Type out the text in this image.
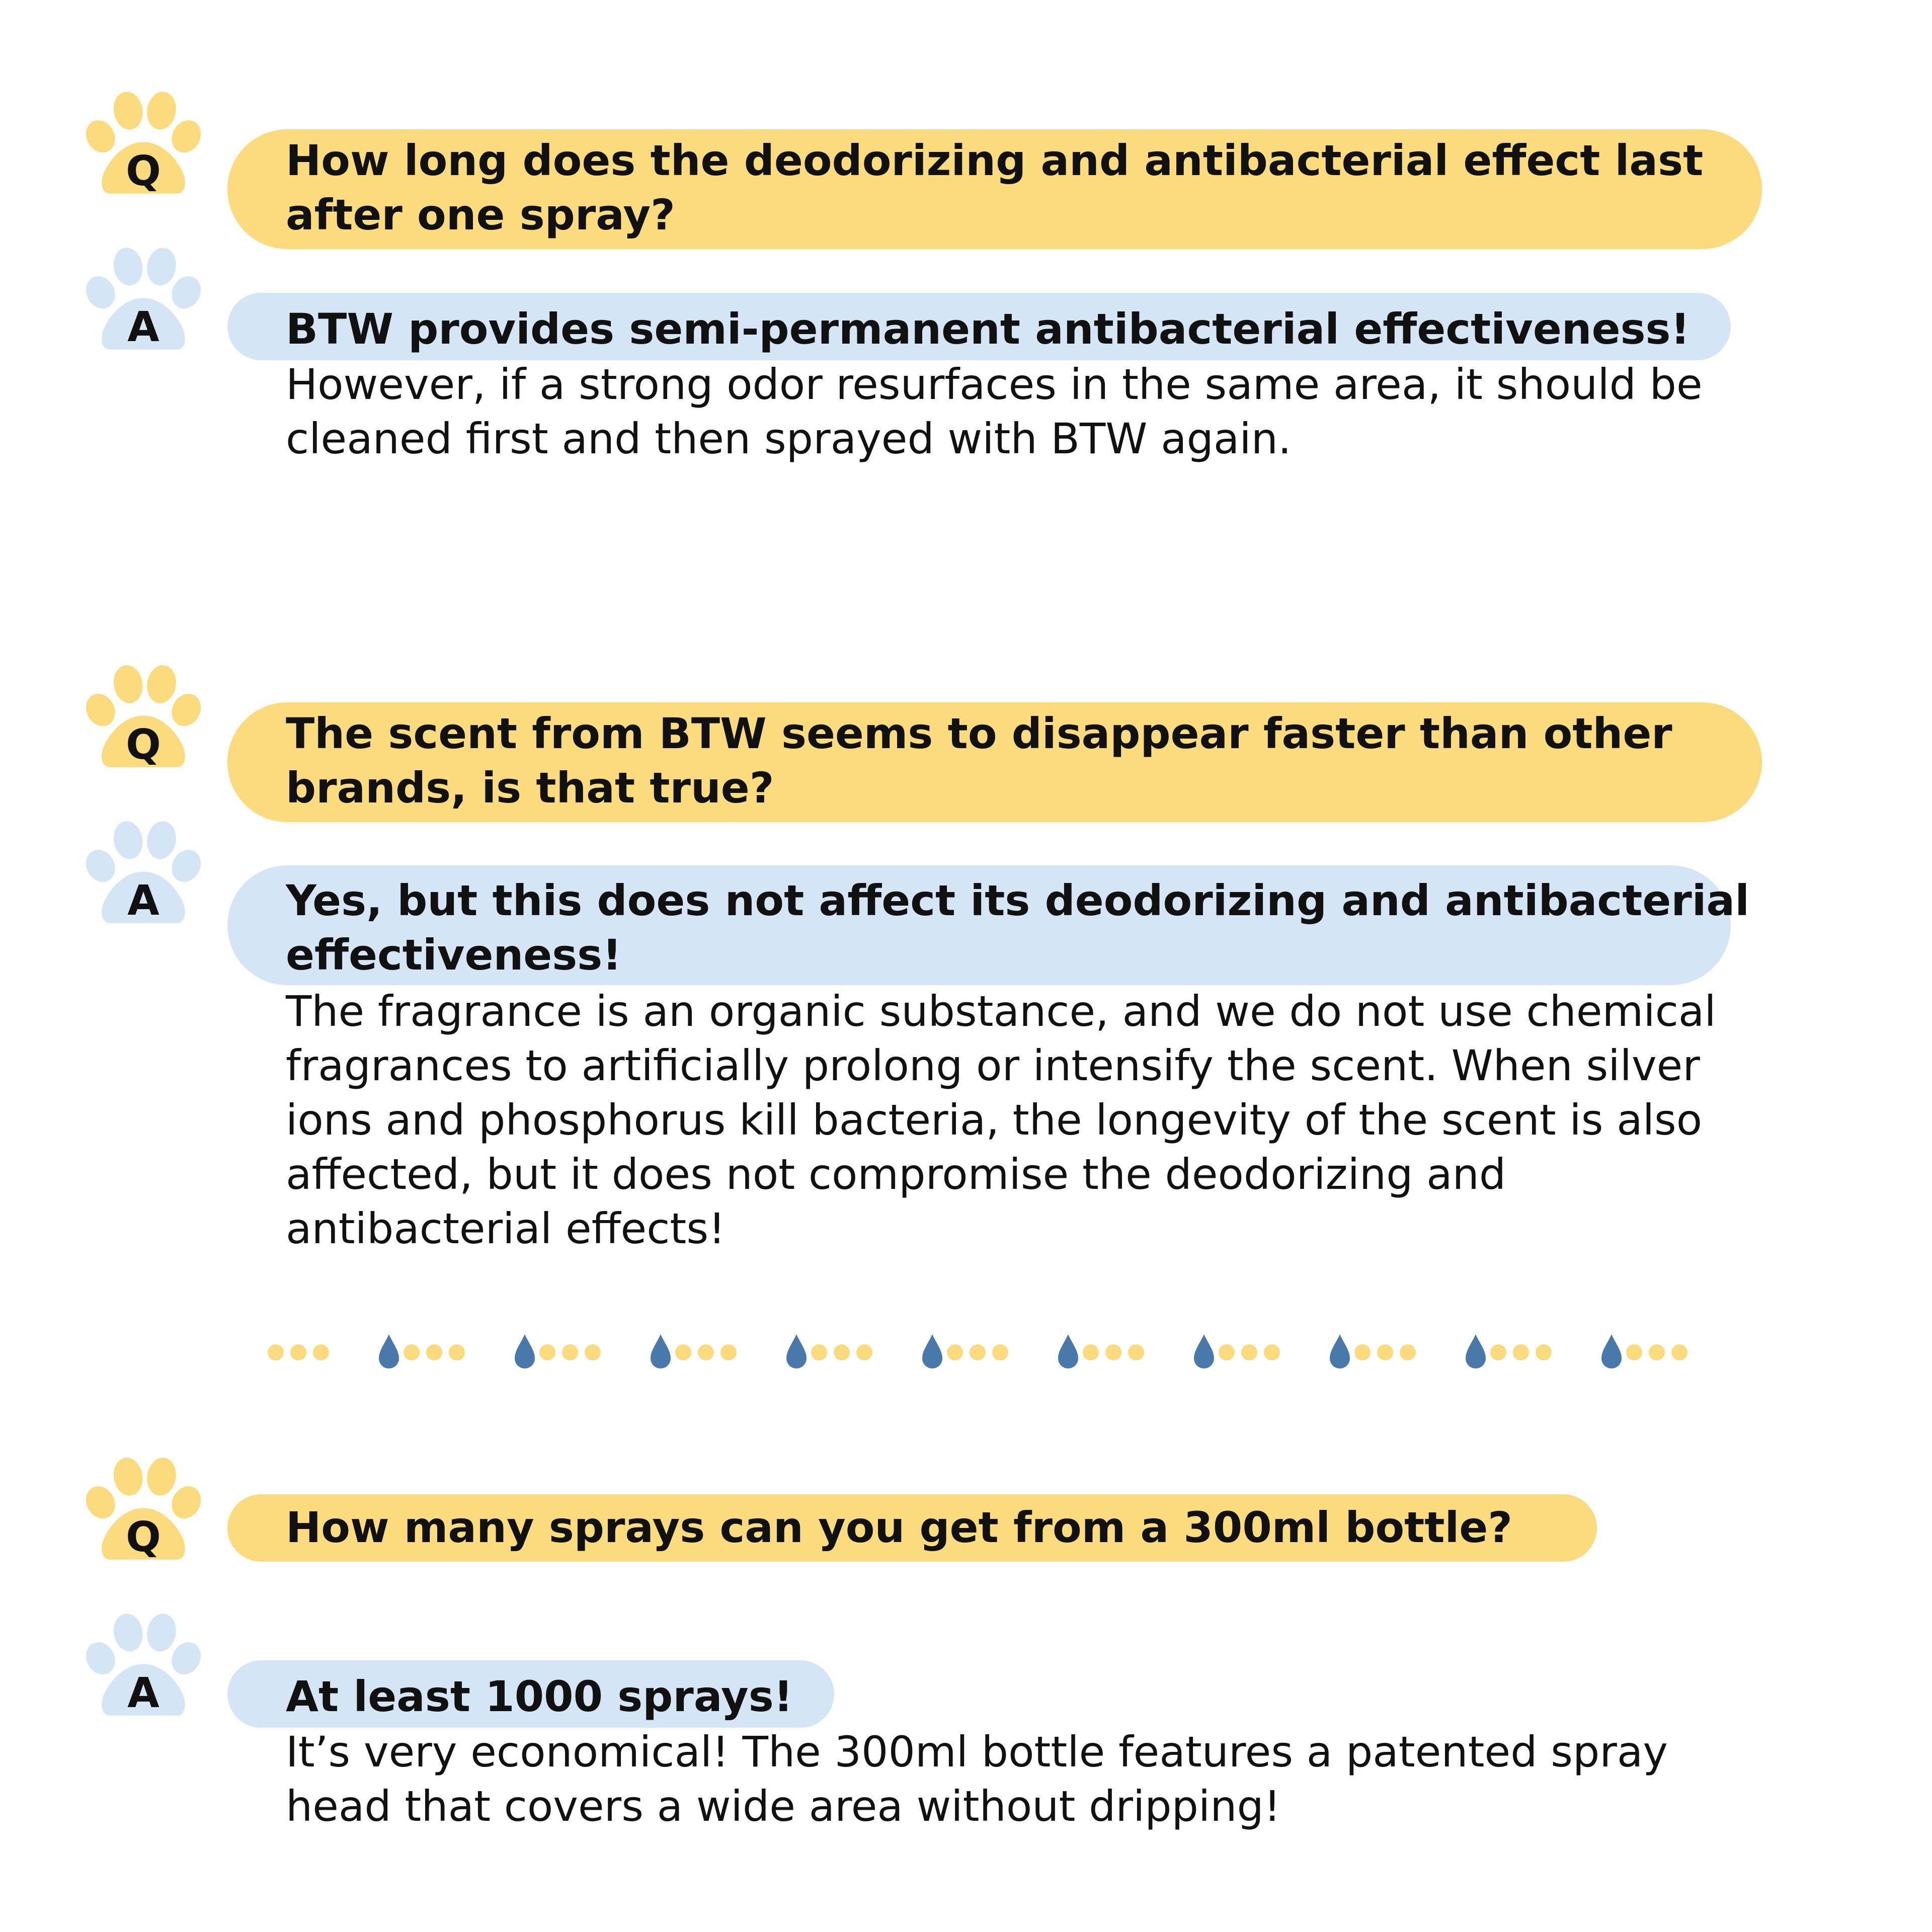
Q	How long does the deodorizing and antibacterial effect last
after one spray?
A	BTW provides semi-permanent antibacterial effectiveness!
However, if a strong odor resurfaces in the same area, it should be
cleaned first and then sprayed with BTW again.
Q	The scent from BTW seems to disappear faster than other
brands, is that true?
A	Yes, but this does not affect its deodorizing and antibacterial
effectiveness!
The fragrance is an organic substance, and we do not use chemical
fragrances to artificially prolong or intensify the scent. When silver
ions and phosphorus kill bacteria, the longevity of the scent is also
affected, but it does not compromise the deodorizing and
antibacterial effects!
Q	How many sprays can you get from a 300ml bottle?
A	At least 1000 sprays!
It’s very economical! The 300ml bottle features a patented spray
head that covers a wide area without dripping!
